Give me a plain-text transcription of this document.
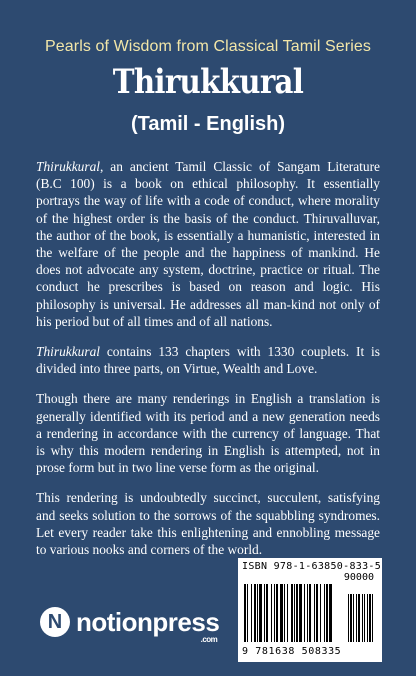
Pearls of Wisdom from Classical Tamil Series
Thirukkural
(Tamil - English)

Thirukkural, an ancient Tamil Classic of Sangam Literature (B.C 100) is a book on ethical philosophy. It essentially portrays the way of life with a code of conduct, where morality of the highest order is the basis of the conduct. Thiruvalluvar, the author of the book, is essentially a humanistic, interested in the welfare of the people and the happiness of mankind. He does not advocate any system, doctrine, practice or ritual. The conduct he prescribes is based on reason and logic. His philosophy is universal. He addresses all man-kind not only of his period but of all times and of all nations.

Thirukkural contains 133 chapters with 1330 couplets. It is divided into three parts, on Virtue, Wealth and Love.

Though there are many renderings in English a translation is generally identified with its period and a new generation needs a rendering in accordance with the currency of language. That is why this modern rendering in English is attempted, not in prose form but in two line verse form as the original.

This rendering is undoubtedly succinct, succulent, satisfying and seeks solution to the sorrows of the squabbling syndromes. Let every reader take this enlightening and ennobling message to various nooks and corners of the world.

N notionpress
.com
ISBN 978-1-63850-833-5
90000
9 781638 508335
